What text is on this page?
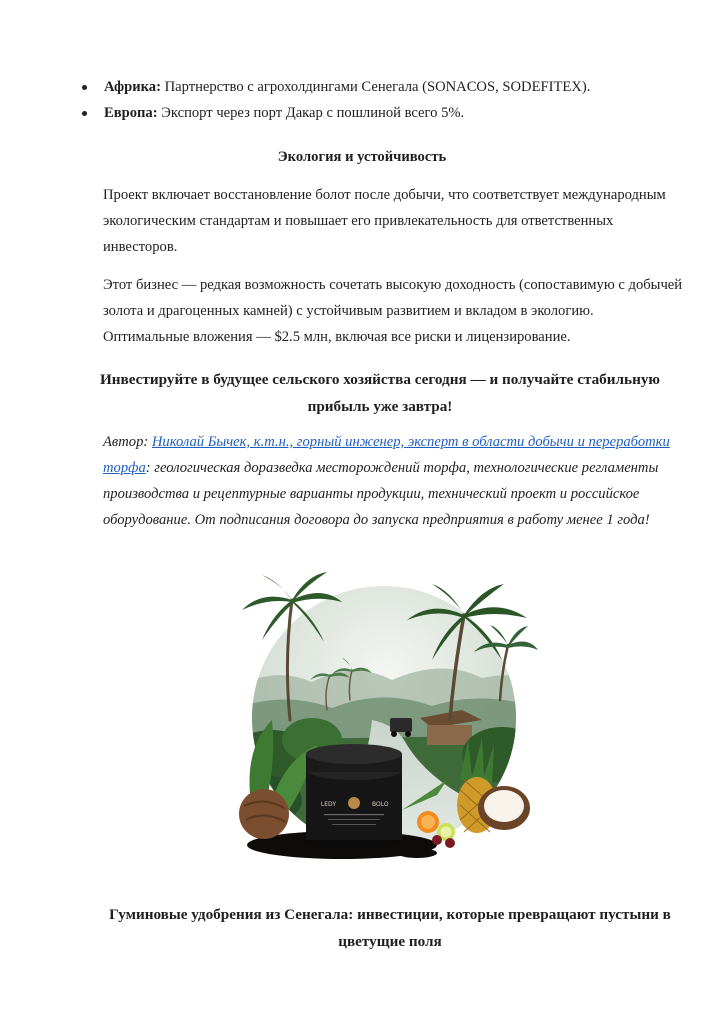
Африка: Партнерство с агрохолдингами Сенегала (SONACOS, SODEFITEX).
Европа: Экспорт через порт Дакар с пошлиной всего 5%.
Экология и устойчивость

Проект включает восстановление болот после добычи, что соответствует международным экологическим стандартам и повышает его привлекательность для ответственных инвесторов.

Этот бизнес — редкая возможность сочетать высокую доходность (сопоставимую с добычей золота и драгоценных камней) с устойчивым развитием и вкладом в экологию. Оптимальные вложения — $2.5 млн, включая все риски и лицензирование.

Инвестируйте в будущее сельского хозяйства сегодня — и получайте стабильную прибыль уже завтра!

Автор: Николай Бычек, к.т.н., горный инженер, эксперт в области добычи и переработки торфа: геологическая доразведка месторождений торфа, технологические регламенты производства и рецептурные варианты продукции, технический проект и российское оборудование. От подписания договора до запуска предприятия в работу менее 1 года!

LEDY	BOLO
Гуминовые удобрения из Сенегала: инвестиции, которые превращают пустыни в цветущие поля
